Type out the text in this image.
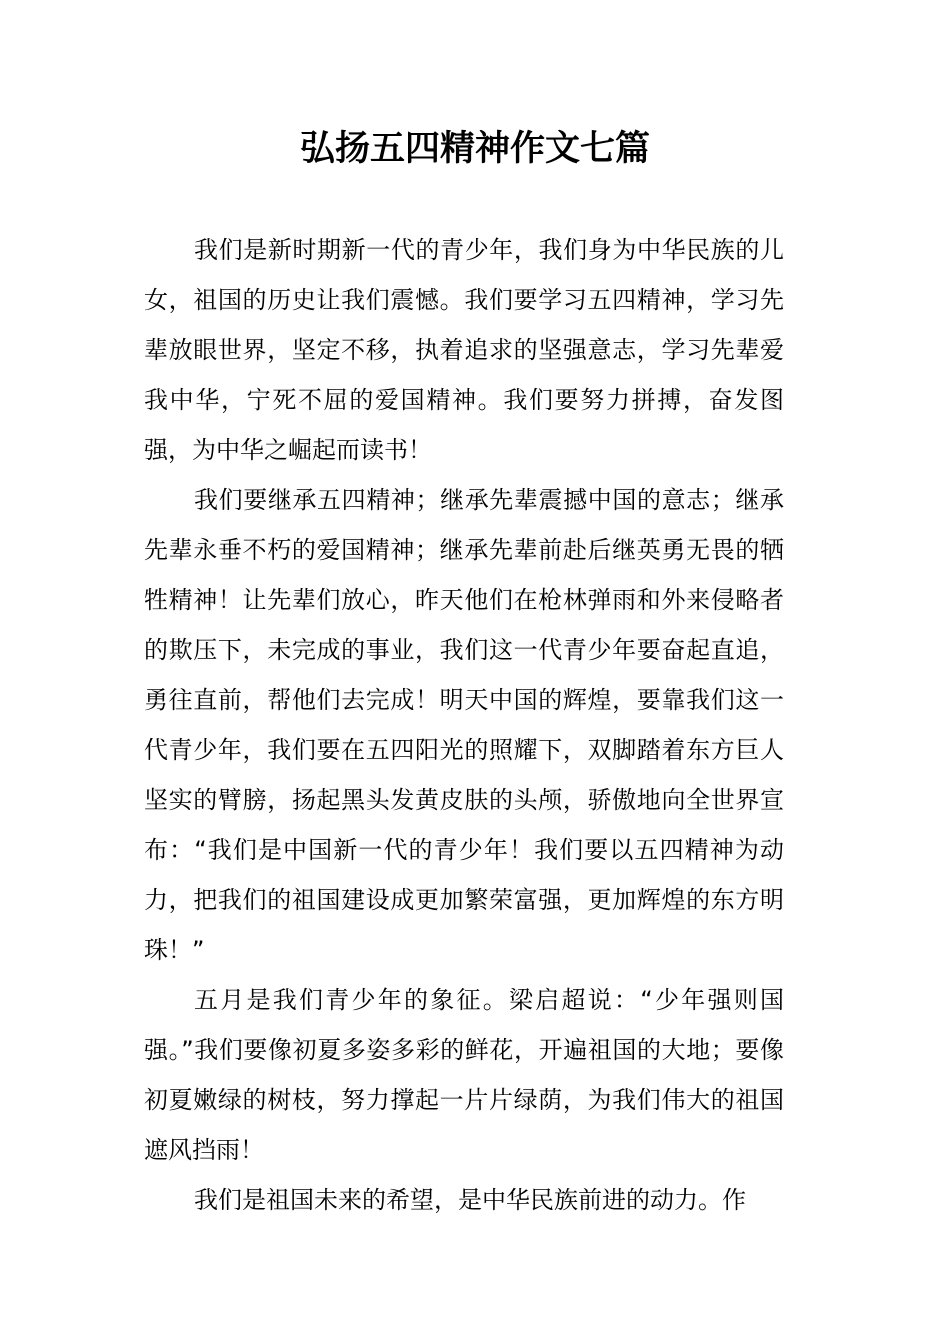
弘扬五四精神作文七篇

我们是新时期新一代的青少年，我们身为中华民族的儿女，祖国的历史让我们震憾。我们要学习五四精神，学习先辈放眼世界，坚定不移，执着追求的坚强意志，学习先辈爱我中华，宁死不屈的爱国精神。我们要努力拼搏，奋发图强，为中华之崛起而读书！

我们要继承五四精神；继承先辈震撼中国的意志；继承先辈永垂不朽的爱国精神；继承先辈前赴后继英勇无畏的牺牲精神！让先辈们放心，昨天他们在枪林弹雨和外来侵略者的欺压下，未完成的事业，我们这一代青少年要奋起直追，勇往直前，帮他们去完成！明天中国的辉煌，要靠我们这一代青少年，我们要在五四阳光的照耀下，双脚踏着东方巨人坚实的臂膀，扬起黑头发黄皮肤的头颅，骄傲地向全世界宣布：“我们是中国新一代的青少年！我们要以五四精神为动力，把我们的祖国建设成更加繁荣富强，更加辉煌的东方明珠！”

五月是我们青少年的象征。梁启超说：“少年强则国强。”我们要像初夏多姿多彩的鲜花，开遍祖国的大地；要像初夏嫩绿的树枝，努力撑起一片片绿荫，为我们伟大的祖国遮风挡雨！

我们是祖国未来的希望，是中华民族前进的动力。作
